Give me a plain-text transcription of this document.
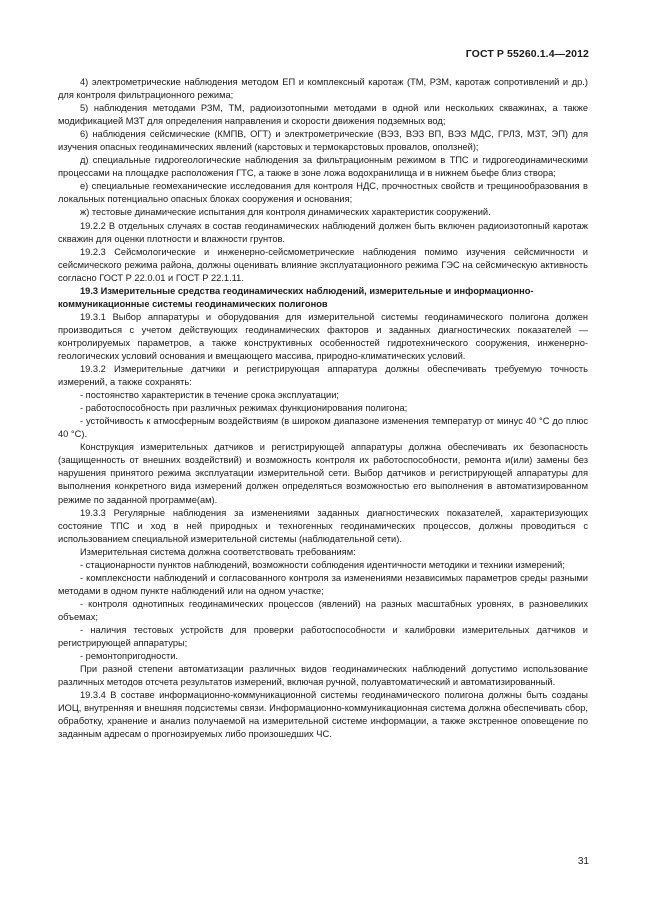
ГОСТ Р 55260.1.4—2012

4) электрометрические наблюдения методом ЕП и комплексный каротаж (ТМ, РЗМ, каротаж сопротивлений и др.) для контроля фильтрационного режима;

5) наблюдения методами РЗМ, ТМ, радиоизотопными методами в одной или нескольких скважинах, а также модификацией МЗТ для определения направления и скорости движения подземных вод;

6) наблюдения сейсмические (КМПВ, ОГТ) и электрометрические (ВЭЗ, ВЭЗ ВП, ВЭЗ МДС, ГРЛЗ, МЗТ, ЭП) для изучения опасных геодинамических явлений (карстовых и термокарстовых провалов, оползней);

д) специальные гидрогеологические наблюдения за фильтрационным режимом в ТПС и гидрогеодинамическими процессами на площадке расположения ГТС, а также в зоне ложа водохранилища и в нижнем бьефе близ створа;

е) специальные геомеханические исследования для контроля НДС, прочностных свойств и трещинообразования в локальных потенциально опасных блоках сооружения и основания;

ж) тестовые динамические испытания для контроля динамических характеристик сооружений.

19.2.2 В отдельных случаях в состав геодинамических наблюдений должен быть включен радиоизотопный каротаж скважин для оценки плотности и влажности грунтов.

19.2.3 Сейсмологические и инженерно-сейсмометрические наблюдения помимо изучения сейсмичности и сейсмического режима района, должны оценивать влияние эксплуатационного режима ГЭС на сейсмическую активность согласно ГОСТ Р 22.0.01 и ГОСТ Р 22.1.11.

19.3 Измерительные средства геодинамических наблюдений, измерительные и информационно-коммуникационные системы геодинамических полигонов

19.3.1 Выбор аппаратуры и оборудования для измерительной системы геодинамического полигона должен производиться с учетом действующих геодинамических факторов и заданных диагностических показателей — контролируемых параметров, а также конструктивных особенностей гидротехнического сооружения, инженерно-геологических условий основания и вмещающего массива, природно-климатических условий.

19.3.2 Измерительные датчики и регистрирующая аппаратура должны обеспечивать требуемую точность измерений, а также сохранять:

- постоянство характеристик в течение срока эксплуатации;

- работоспособность при различных режимах функционирования полигона;

- устойчивость к атмосферным воздействиям (в широком диапазоне изменения температур от минус 40 °С до плюс 40 °С).

Конструкция измерительных датчиков и регистрирующей аппаратуры должна обеспечивать их безопасность (защищенность от внешних воздействий) и возможность контроля их работоспособности, ремонта и(или) замены без нарушения принятого режима эксплуатации измерительной сети. Выбор датчиков и регистрирующей аппаратуры для выполнения конкретного вида измерений должен определяться возможностью его выполнения в автоматизированном режиме по заданной программе(ам).

19.3.3 Регулярные наблюдения за изменениями заданных диагностических показателей, характеризующих состояние ТПС и ход в ней природных и техногенных геодинамических процессов, должны проводиться с использованием специальной измерительной системы (наблюдательной сети).

Измерительная система должна соответствовать требованиям:

- стационарности пунктов наблюдений, возможности соблюдения идентичности методики и техники измерений;

- комплексности наблюдений и согласованного контроля за изменениями независимых параметров среды разными методами в одном пункте наблюдений или на одном участке;

- контроля однотипных геодинамических процессов (явлений) на разных масштабных уровнях, в разновеликих объемах;

- наличия тестовых устройств для проверки работоспособности и калибровки измерительных датчиков и регистрирующей аппаратуры;

- ремонтопригодности.

При разной степени автоматизации различных видов геодинамических наблюдений допустимо использование различных методов отсчета результатов измерений, включая ручной, полуавтоматический и автоматизированный.

19.3.4 В составе информационно-коммуникационной системы геодинамического полигона должны быть созданы ИОЦ, внутренняя и внешняя подсистемы связи. Информационно-коммуникационная система должна обеспечивать сбор, обработку, хранение и анализ получаемой на измерительной системе информации, а также экстренное оповещение по заданным адресам о прогнозируемых либо произошедших ЧС.

31
